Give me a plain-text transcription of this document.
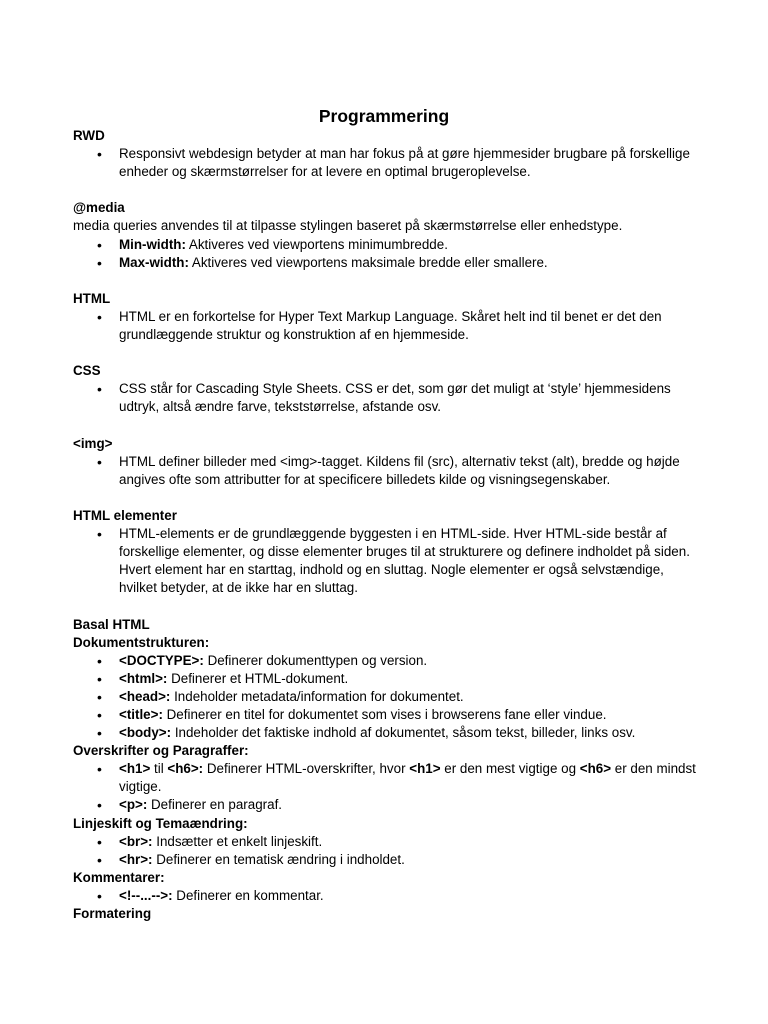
Programmering
RWD
• Responsivt webdesign betyder at man har fokus på at gøre hjemmesider brugbare på forskellige enheder og skærmstørrelser for at levere en optimal brugeroplevelse.
@media
media queries anvendes til at tilpasse stylingen baseret på skærmstørrelse eller enhedstype.
• Min-width: Aktiveres ved viewportens minimumbredde.
• Max-width: Aktiveres ved viewportens maksimale bredde eller smallere.
HTML
• HTML er en forkortelse for Hyper Text Markup Language. Skåret helt ind til benet er det den grundlæggende struktur og konstruktion af en hjemmeside.
CSS
• CSS står for Cascading Style Sheets. CSS er det, som gør det muligt at ‘style’ hjemmesidens udtryk, altså ændre farve, tekststørrelse, afstande osv.
<img>
• HTML definer billeder med <img>-tagget. Kildens fil (src), alternativ tekst (alt), bredde og højde angives ofte som attributter for at specificere billedets kilde og visningsegenskaber.
HTML elementer
• HTML-elements er de grundlæggende byggesten i en HTML-side. Hver HTML-side består af forskellige elementer, og disse elementer bruges til at strukturere og definere indholdet på siden. Hvert element har en starttag, indhold og en sluttag. Nogle elementer er også selvstændige, hvilket betyder, at de ikke har en sluttag.
Basal HTML
Dokumentstrukturen:
• <DOCTYPE>: Definerer dokumenttypen og version.
• <html>: Definerer et HTML-dokument.
• <head>: Indeholder metadata/information for dokumentet.
• <title>: Definerer en titel for dokumentet som vises i browserens fane eller vindue.
• <body>: Indeholder det faktiske indhold af dokumentet, såsom tekst, billeder, links osv.
Overskrifter og Paragraffer:
• <h1> til <h6>: Definerer HTML-overskrifter, hvor <h1> er den mest vigtige og <h6> er den mindst vigtige.
• <p>: Definerer en paragraf.
Linjeskift og Temaændring:
• <br>: Indsætter et enkelt linjeskift.
• <hr>: Definerer en tematisk ændring i indholdet.
Kommentarer:
• <!--...-->: Definerer en kommentar.
Formatering
